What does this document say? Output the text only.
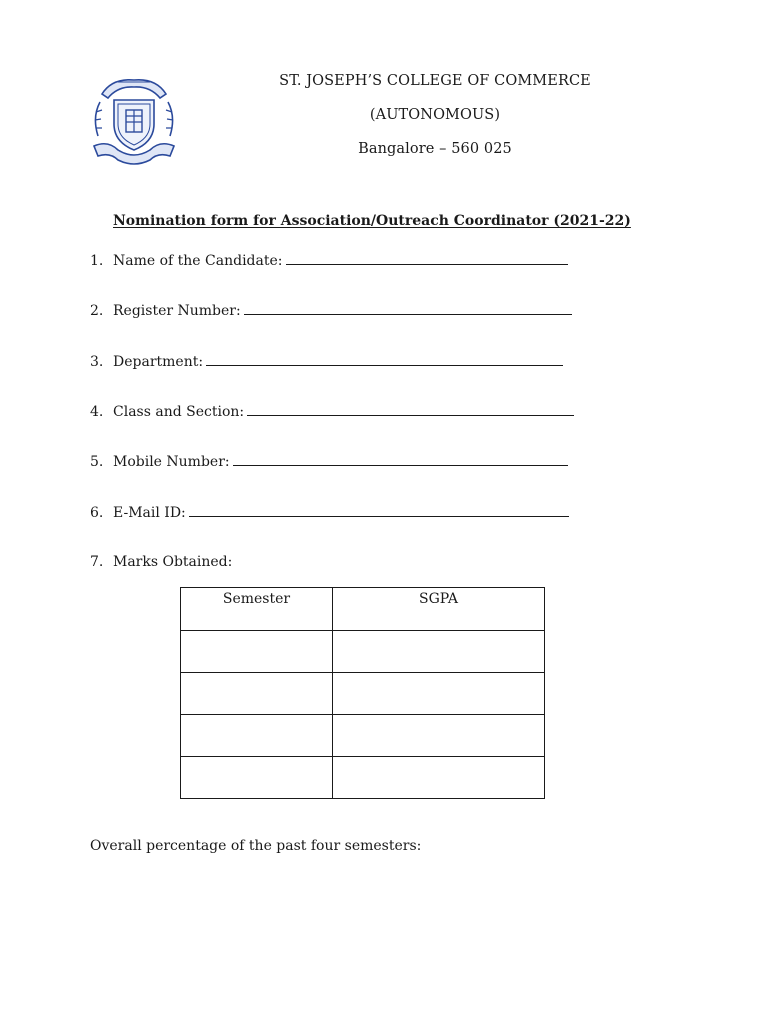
ST. JOSEPH’S COLLEGE OF COMMERCE
(AUTONOMOUS)
Bangalore – 560 025
Nomination form for Association/Outreach Coordinator (2021-22)
1. Name of the Candidate:
2. Register Number:
3. Department:
4. Class and Section:
5. Mobile Number:
6. E-Mail ID:
7. Marks Obtained:
Semester	SGPA

Overall percentage of the past four semesters:
